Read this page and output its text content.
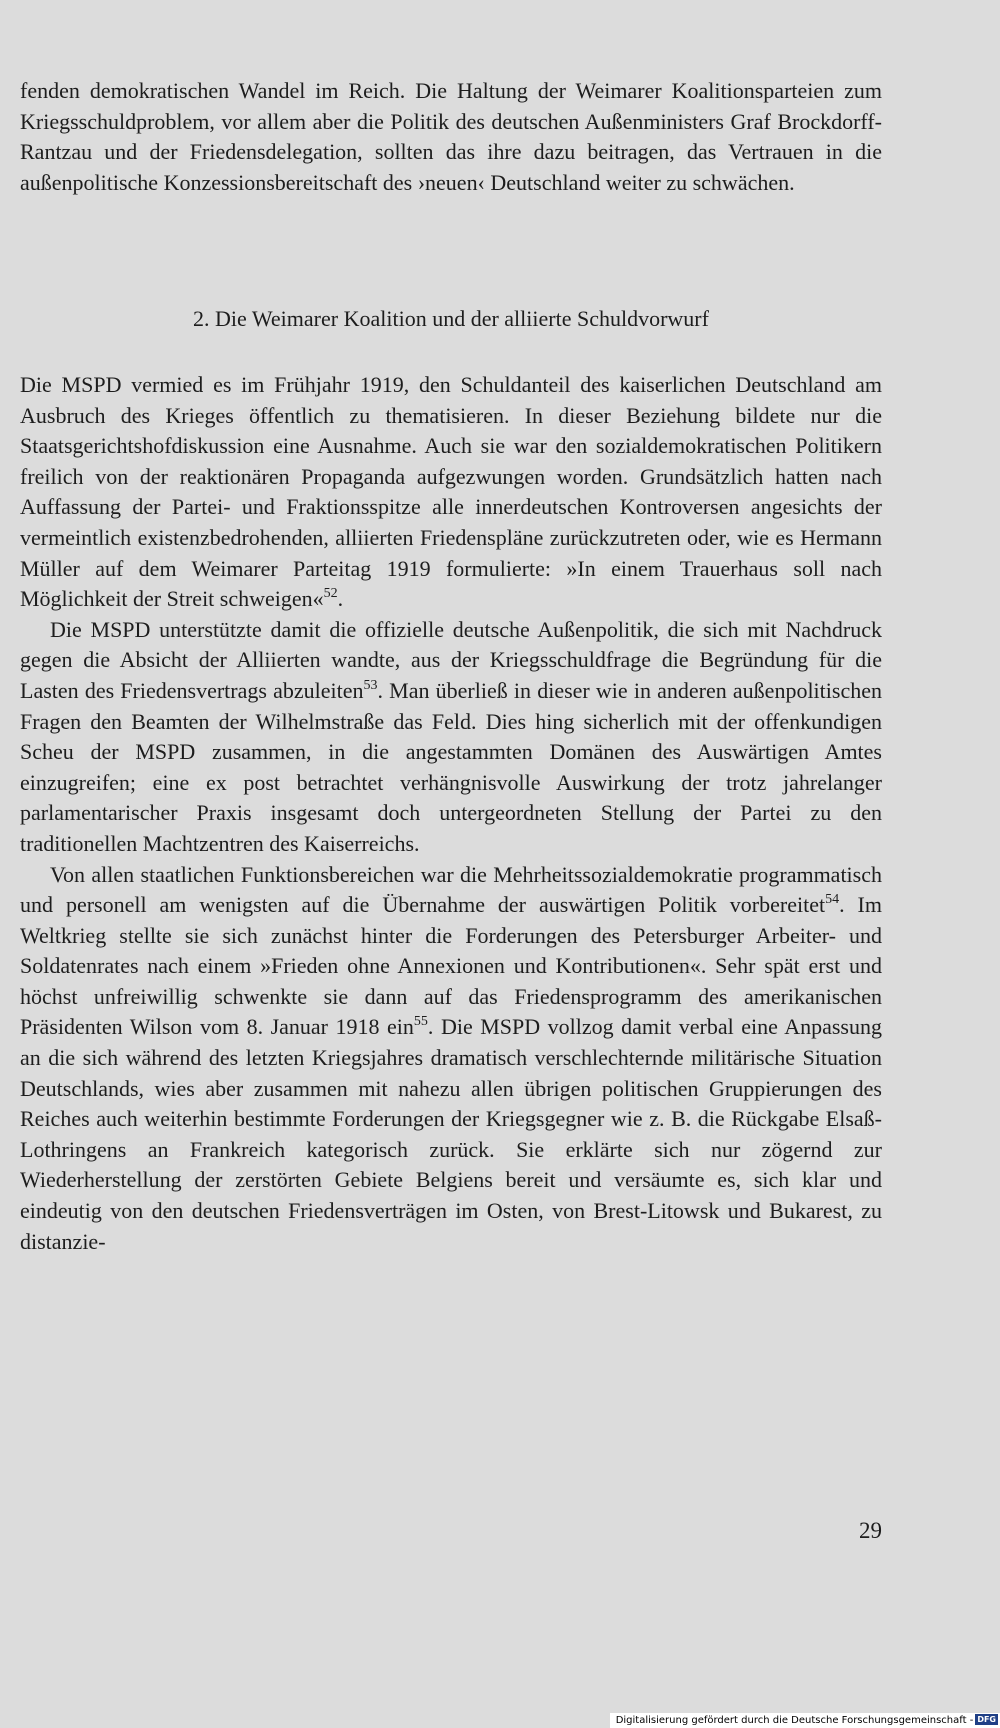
fenden demokratischen Wandel im Reich. Die Haltung der Weimarer Koalitionsparteien zum Kriegsschuldproblem, vor allem aber die Politik des deutschen Außenministers Graf Brockdorff-Rantzau und der Friedensdelegation, sollten das ihre dazu beitragen, das Vertrauen in die außenpolitische Konzessionsbereitschaft des ›neuen‹ Deutschland weiter zu schwächen.

2. Die Weimarer Koalition und der alliierte Schuldvorwurf

Die MSPD vermied es im Frühjahr 1919, den Schuldanteil des kaiserlichen Deutschland am Ausbruch des Krieges öffentlich zu thematisieren. In dieser Beziehung bildete nur die Staatsgerichtshofdiskussion eine Ausnahme. Auch sie war den sozialdemokratischen Politikern freilich von der reaktionären Propaganda aufgezwungen worden. Grundsätzlich hatten nach Auffassung der Partei- und Fraktionsspitze alle innerdeutschen Kontroversen angesichts der vermeintlich existenzbedrohenden, alliierten Friedenspläne zurückzutreten oder, wie es Hermann Müller auf dem Weimarer Parteitag 1919 formulierte: »In einem Trauerhaus soll nach Möglichkeit der Streit schweigen«$^{52}$.

Die MSPD unterstützte damit die offizielle deutsche Außenpolitik, die sich mit Nachdruck gegen die Absicht der Alliierten wandte, aus der Kriegsschuldfrage die Begründung für die Lasten des Friedensvertrags abzuleiten$^{53}$. Man überließ in dieser wie in anderen außenpolitischen Fragen den Beamten der Wilhelmstraße das Feld. Dies hing sicherlich mit der offenkundigen Scheu der MSPD zusammen, in die angestammten Domänen des Auswärtigen Amtes einzugreifen; eine ex post betrachtet verhängnisvolle Auswirkung der trotz jahrelanger parlamentarischer Praxis insgesamt doch untergeordneten Stellung der Partei zu den traditionellen Machtzentren des Kaiserreichs.

Von allen staatlichen Funktionsbereichen war die Mehrheitssozialdemokratie programmatisch und personell am wenigsten auf die Übernahme der auswärtigen Politik vorbereitet$^{54}$. Im Weltkrieg stellte sie sich zunächst hinter die Forderungen des Petersburger Arbeiter- und Soldatenrates nach einem »Frieden ohne Annexionen und Kontributionen«. Sehr spät erst und höchst unfreiwillig schwenkte sie dann auf das Friedensprogramm des amerikanischen Präsidenten Wilson vom 8. Januar 1918 ein$^{55}$. Die MSPD vollzog damit verbal eine Anpassung an die sich während des letzten Kriegsjahres dramatisch verschlechternde militärische Situation Deutschlands, wies aber zusammen mit nahezu allen übrigen politischen Gruppierungen des Reiches auch weiterhin bestimmte Forderungen der Kriegsgegner wie z. B. die Rückgabe Elsaß-Lothringens an Frankreich kategorisch zurück. Sie erklärte sich nur zögernd zur Wiederherstellung der zerstörten Gebiete Belgiens bereit und versäumte es, sich klar und eindeutig von den deutschen Friedensverträgen im Osten, von Brest-Litowsk und Bukarest, zu distanzie-

29
Digitalisierung gefördert durch die Deutsche Forschungsgemeinschaft - DFG
